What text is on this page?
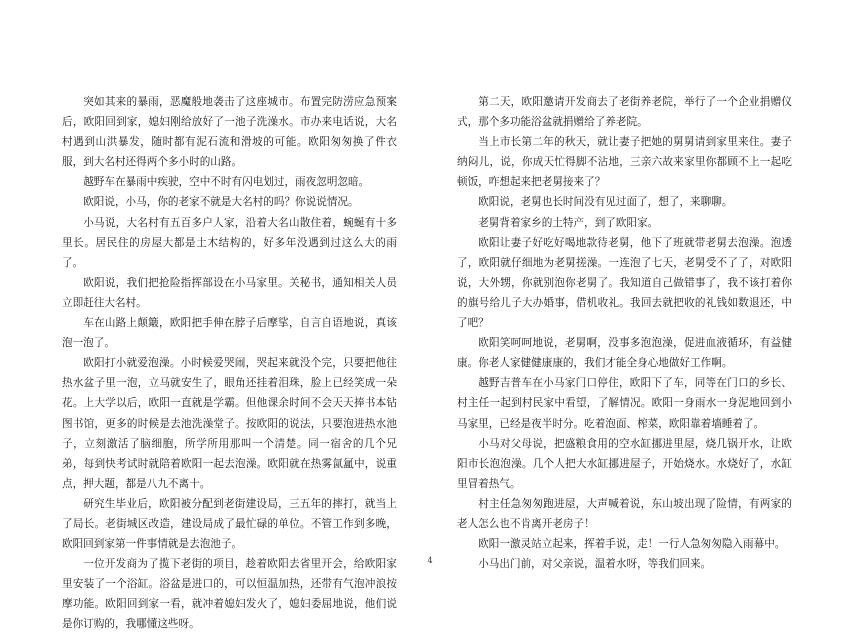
突如其来的暴雨，恶魔般地袭击了这座城市。布置完防涝应急预案后，欧阳回到家，媳妇刚给放好了一池子洗澡水。市办来电话说，大名村遇到山洪暴发，随时都有泥石流和滑坡的可能。欧阳匆匆换了件衣服，到大名村还得两个多小时的山路。

越野车在暴雨中疾驶，空中不时有闪电划过，雨夜忽明忽暗。

欧阳说，小马，你的老家不就是大名村的吗？你说说情况。

小马说，大名村有五百多户人家，沿着大名山散住着，蜿蜒有十多里长。居民住的房屋大都是土木结构的，好多年没遇到过这么大的雨了。

欧阳说，我们把抢险指挥部设在小马家里。关秘书，通知相关人员立即赶往大名村。

车在山路上颠簸，欧阳把手伸在脖子后摩挲，自言自语地说，真该泡一泡了。

欧阳打小就爱泡澡。小时候爱哭闹，哭起来就没个完，只要把他往热水盆子里一泡，立马就安生了，眼角还挂着泪珠，脸上已经笑成一朵花。上大学以后，欧阳一直就是学霸。但他课余时间不会天天捧书本钻图书馆，更多的时候是去池洗澡堂子。按欧阳的说法，只要泡进热水池子，立刻激活了脑细胞，所学所用那叫一个清楚。同一宿舍的几个兄弟，每到快考试时就陪着欧阳一起去泡澡。欧阳就在热雾氤氲中，说重点，押大题，都是八九不离十。

研究生毕业后，欧阳被分配到老街建设局，三五年的摔打，就当上了局长。老街城区改造，建设局成了最忙碌的单位。不管工作到多晚，欧阳回到家第一件事情就是去泡池子。

一位开发商为了揽下老街的项目，趁着欧阳去省里开会，给欧阳家里安装了一个浴缸。浴盆是进口的，可以恒温加热，还带有气泡冲浪按摩功能。欧阳回到家一看，就冲着媳妇发火了，媳妇委屈地说，他们说是你订购的，我哪懂这些呀。

第二天，欧阳邀请开发商去了老街养老院，举行了一个企业捐赠仪式，那个多功能浴盆就捐赠给了养老院。

当上市长第二年的秋天，就让妻子把她的舅舅请到家里来住。妻子纳闷儿，说，你成天忙得脚不沾地，三亲六故来家里你都顾不上一起吃顿饭，咋想起来把老舅接来了？

欧阳说，老舅也长时间没有见过面了，想了，来聊聊。

老舅背着家乡的土特产，到了欧阳家。

欧阳让妻子好吃好喝地款待老舅，他下了班就带老舅去泡澡。泡透了，欧阳就仔细地为老舅搓澡。一连泡了七天，老舅受不了了，对欧阳说，大外甥，你就别泡你老舅了。我知道自己做错事了，我不该打着你的旗号给儿子大办婚事，借机收礼。我回去就把收的礼钱如数退还，中了吧？

欧阳笑呵呵地说，老舅啊，没事多泡泡澡，促进血液循环，有益健康。你老人家健健康康的，我们才能全身心地做好工作啊。

越野吉普车在小马家门口停住，欧阳下了车，同等在门口的乡长、村主任一起到村民家中看望，了解情况。欧阳一身雨水一身泥地回到小马家里，已经是夜半时分。吃着泡面、榨菜，欧阳靠着墙睡着了。

小马对父母说，把盛粮食用的空水缸挪进里屋，烧几锅开水，让欧阳市长泡泡澡。几个人把大水缸挪进屋子，开始烧水。水烧好了，水缸里冒着热气。

村主任急匆匆跑进屋，大声喊着说，东山坡出现了险情，有两家的老人怎么也不肯离开老房子！

欧阳一激灵站立起来，挥着手说，走！一行人急匆匆隐入雨幕中。

小马出门前，对父亲说，温着水呀，等我们回来。

4
